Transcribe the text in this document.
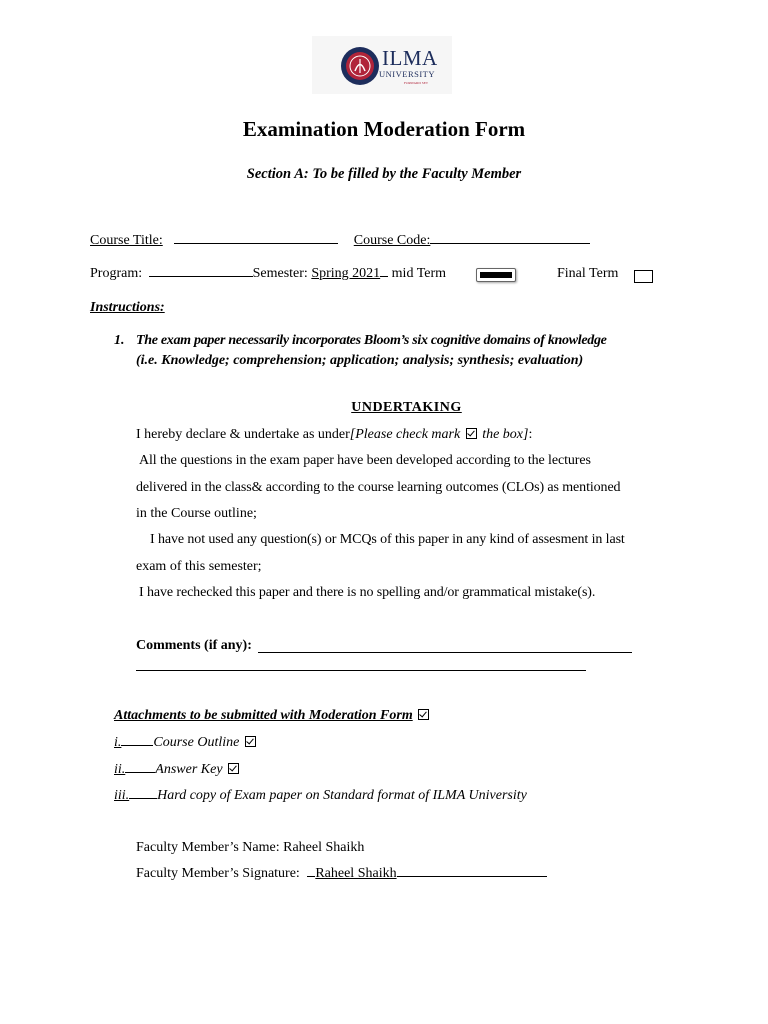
ILMA
UNIVERSITY
FORWARD SET
Examination Moderation Form
Section A: To be filled by the Faculty Member
Course Title:	Course Code:
Program:	Semester: Spring 2021 mid Term	Final Term
Instructions:
1. The exam paper necessarily incorporates Bloom’s six cognitive domains of knowledge
(i.e. Knowledge; comprehension; application; analysis; synthesis; evaluation)
UNDERTAKING
I hereby declare & undertake as under[Please check mark the box]:
All the questions in the exam paper have been developed according to the lectures
delivered in the class& according to the course learning outcomes (CLOs) as mentioned
in the Course outline;
I have not used any question(s) or MCQs of this paper in any kind of assesment in last
exam of this semester;
I have rechecked this paper and there is no spelling and/or grammatical mistake(s).
Comments (if any):
Attachments to be submitted with Moderation Form
i. Course Outline
ii. Answer Key
iii. Hard copy of Exam paper on Standard format of ILMA University
Faculty Member’s Name: Raheel Shaikh
Faculty Member’s Signature: Raheel Shaikh
